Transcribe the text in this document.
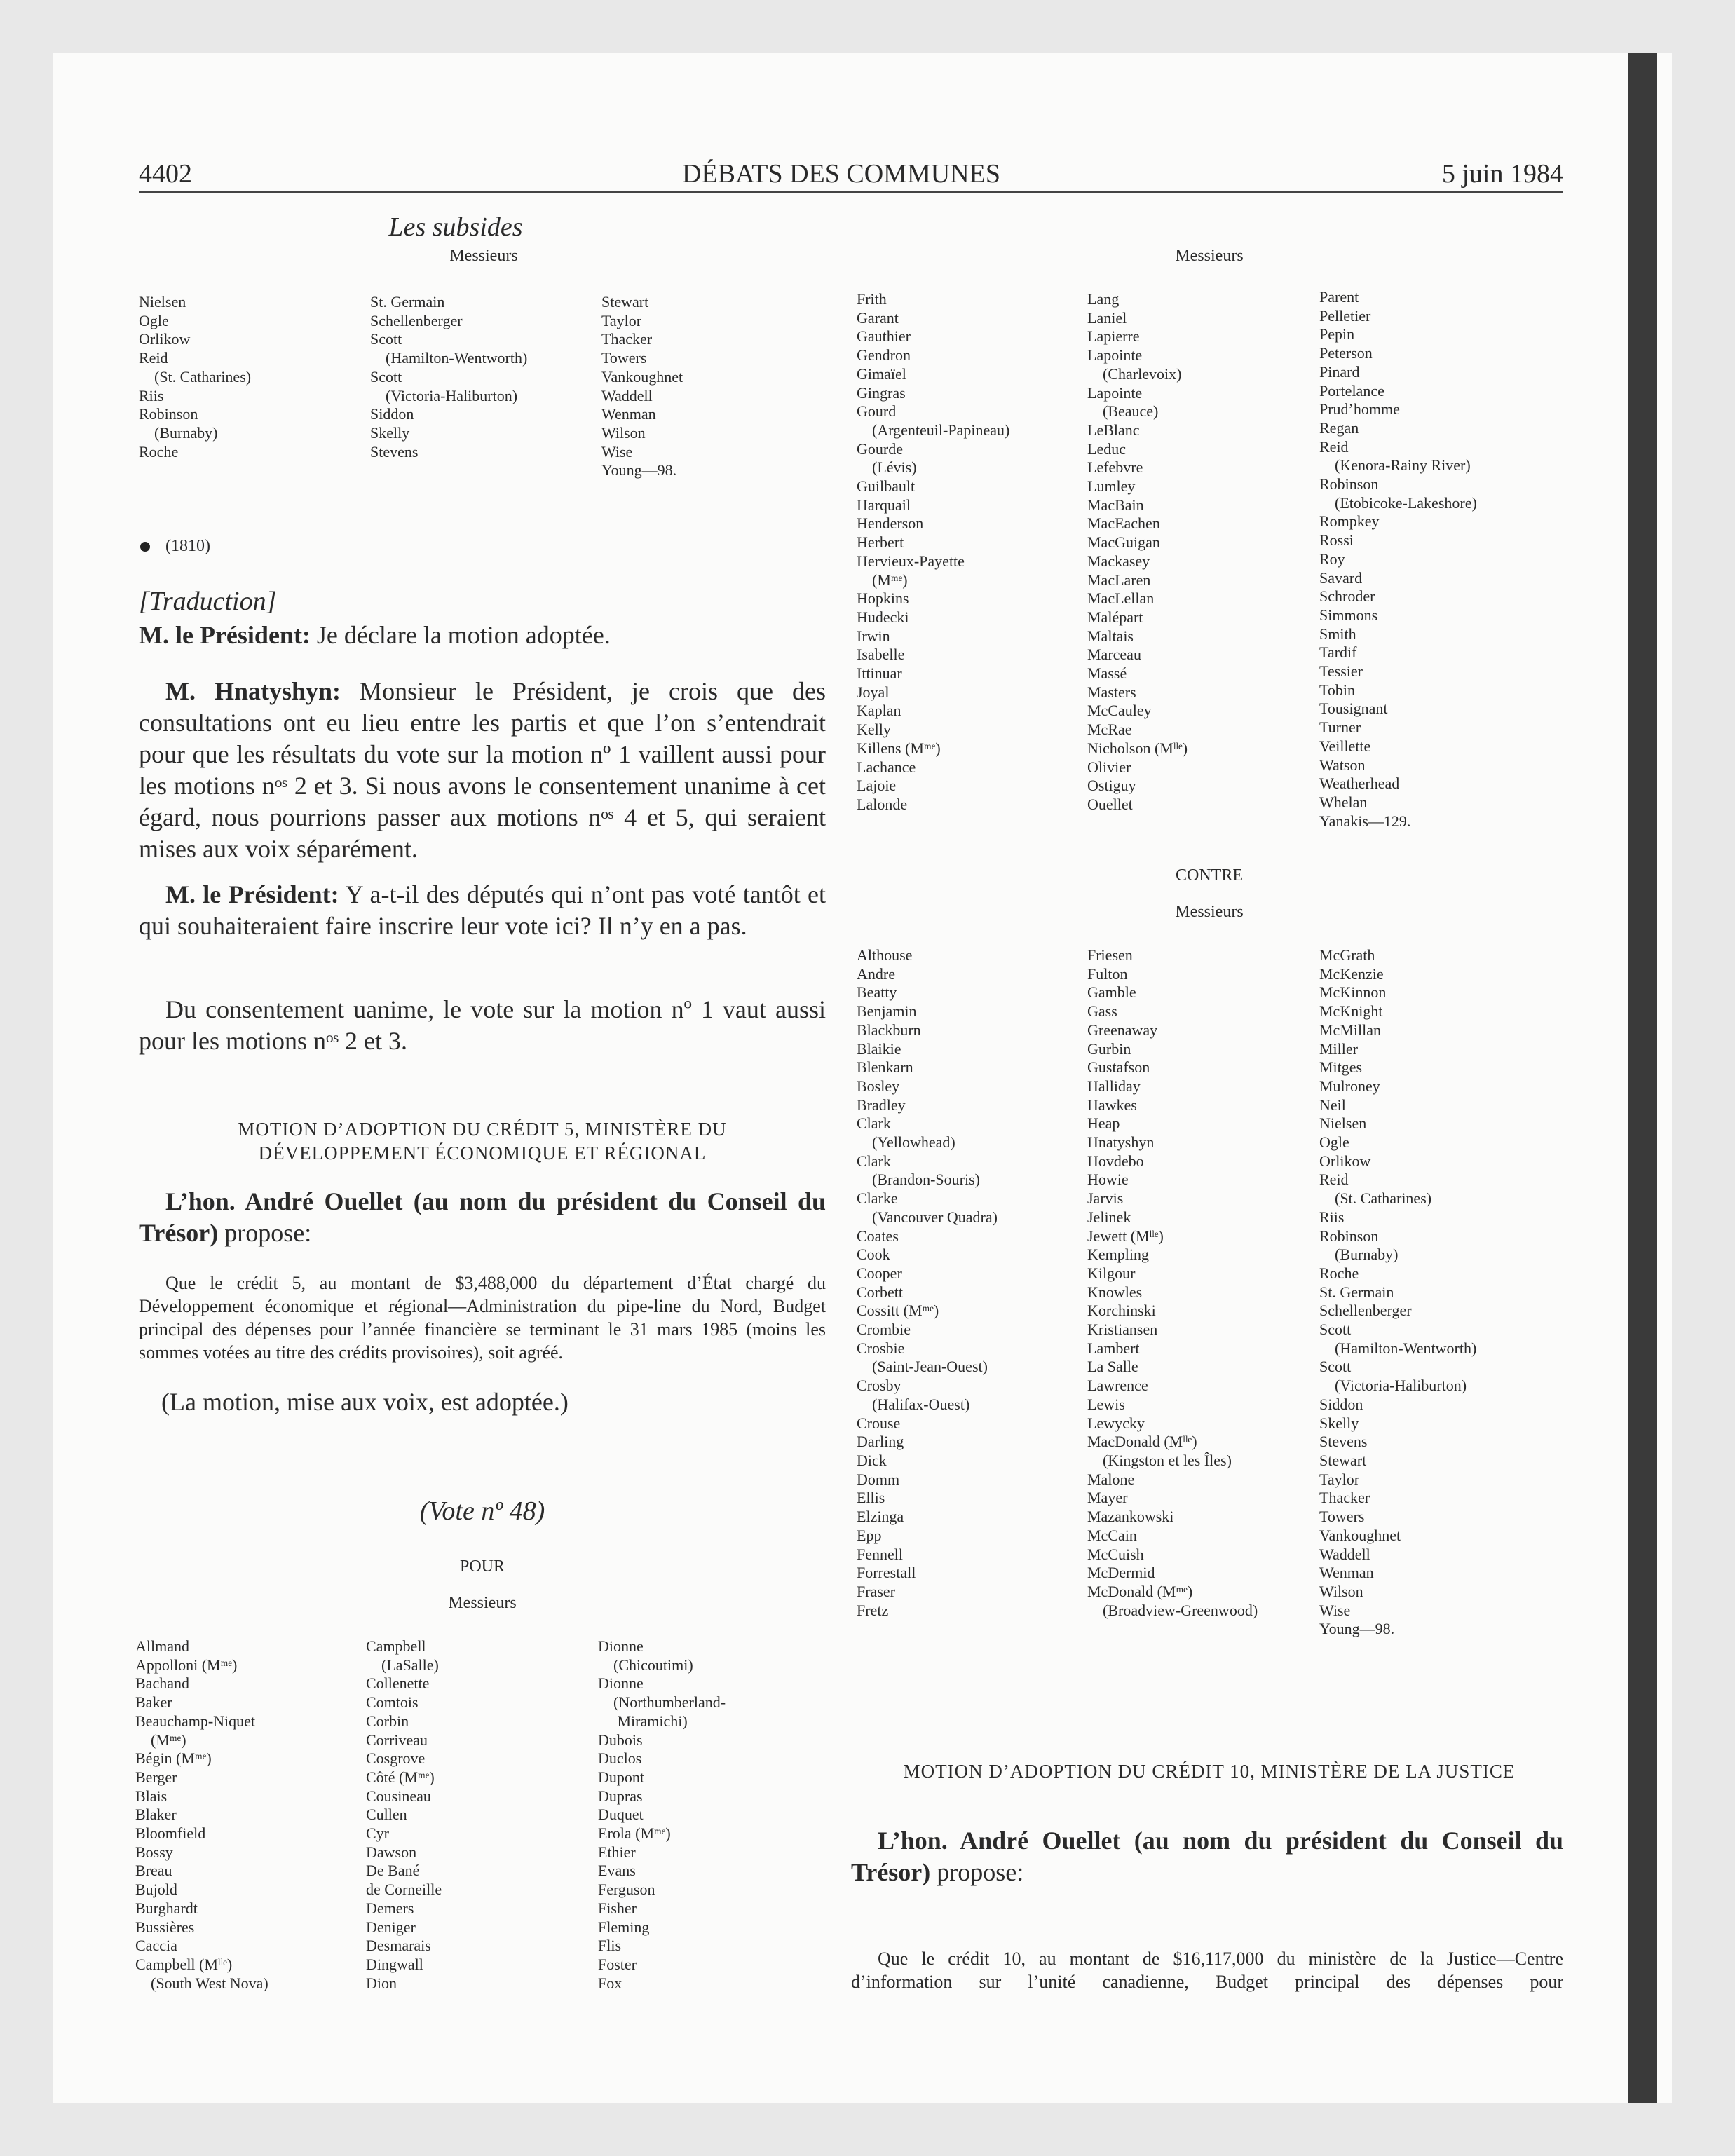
4402	DÉBATS DES COMMUNES	5 juin 1984
Les subsides
Messieurs
Nielsen
Ogle
Orlikow
Reid
(St. Catharines)
Riis
Robinson
(Burnaby)
Roche
St. Germain
Schellenberger
Scott
(Hamilton-Wentworth)
Scott
(Victoria-Haliburton)
Siddon
Skelly
Stevens
Stewart
Taylor
Thacker
Towers
Vankoughnet
Waddell
Wenman
Wilson
Wise
Young—98.
(1810)
[Traduction]
M. le Président: Je déclare la motion adoptée.
M. Hnatyshyn: Monsieur le Président, je crois que des consultations ont eu lieu entre les partis et que l’on s’entendrait pour que les résultats du vote sur la motion nº 1 vaillent aussi pour les motions nᵒˢ 2 et 3. Si nous avons le consentement unanime à cet égard, nous pourrions passer aux motions nᵒˢ 4 et 5, qui seraient mises aux voix séparément.
M. le Président: Y a-t-il des députés qui n’ont pas voté tantôt et qui souhaiteraient faire inscrire leur vote ici? Il n’y en a pas.
Du consentement uanime, le vote sur la motion nº 1 vaut aussi pour les motions nᵒˢ 2 et 3.
MOTION D’ADOPTION DU CRÉDIT 5, MINISTÈRE DU
DÉVELOPPEMENT ÉCONOMIQUE ET RÉGIONAL
L’hon. André Ouellet (au nom du président du Conseil du Trésor) propose:
Que le crédit 5, au montant de $3,488,000 du département d’État chargé du Développement économique et régional—Administration du pipe-line du Nord, Budget principal des dépenses pour l’année financière se terminant le 31 mars 1985 (moins les sommes votées au titre des crédits provisoires), soit agréé.
(La motion, mise aux voix, est adoptée.)
(Vote nº 48)
POUR
Messieurs
Allmand
Appolloni (Mᵐᵉ)
Bachand
Baker
Beauchamp-Niquet
(Mᵐᵉ)
Bégin (Mᵐᵉ)
Berger
Blais
Blaker
Bloomfield
Bossy
Breau
Bujold
Burghardt
Bussières
Caccia
Campbell (Mˡˡᵉ)
(South West Nova)
Campbell
(LaSalle)
Collenette
Comtois
Corbin
Corriveau
Cosgrove
Côté (Mᵐᵉ)
Cousineau
Cullen
Cyr
Dawson
De Bané
de Corneille
Demers
Deniger
Desmarais
Dingwall
Dion
Dionne
(Chicoutimi)
Dionne
(Northumberland-
Miramichi)
Dubois
Duclos
Dupont
Dupras
Duquet
Erola (Mᵐᵉ)
Ethier
Evans
Ferguson
Fisher
Fleming
Flis
Foster
Fox
Messieurs
Frith
Garant
Gauthier
Gendron
Gimaïel
Gingras
Gourd
(Argenteuil-Papineau)
Gourde
(Lévis)
Guilbault
Harquail
Henderson
Herbert
Hervieux-Payette
(Mᵐᵉ)
Hopkins
Hudecki
Irwin
Isabelle
Ittinuar
Joyal
Kaplan
Kelly
Killens (Mᵐᵉ)
Lachance
Lajoie
Lalonde
Lang
Laniel
Lapierre
Lapointe
(Charlevoix)
Lapointe
(Beauce)
LeBlanc
Leduc
Lefebvre
Lumley
MacBain
MacEachen
MacGuigan
Mackasey
MacLaren
MacLellan
Malépart
Maltais
Marceau
Massé
Masters
McCauley
McRae
Nicholson (Mˡˡᵉ)
Olivier
Ostiguy
Ouellet
Parent
Pelletier
Pepin
Peterson
Pinard
Portelance
Prud’homme
Regan
Reid
(Kenora-Rainy River)
Robinson
(Etobicoke-Lakeshore)
Rompkey
Rossi
Roy
Savard
Schroder
Simmons
Smith
Tardif
Tessier
Tobin
Tousignant
Turner
Veillette
Watson
Weatherhead
Whelan
Yanakis—129.
CONTRE
Messieurs
Althouse
Andre
Beatty
Benjamin
Blackburn
Blaikie
Blenkarn
Bosley
Bradley
Clark
(Yellowhead)
Clark
(Brandon-Souris)
Clarke
(Vancouver Quadra)
Coates
Cook
Cooper
Corbett
Cossitt (Mᵐᵉ)
Crombie
Crosbie
(Saint-Jean-Ouest)
Crosby
(Halifax-Ouest)
Crouse
Darling
Dick
Domm
Ellis
Elzinga
Epp
Fennell
Forrestall
Fraser
Fretz
Friesen
Fulton
Gamble
Gass
Greenaway
Gurbin
Gustafson
Halliday
Hawkes
Heap
Hnatyshyn
Hovdebo
Howie
Jarvis
Jelinek
Jewett (Mˡˡᵉ)
Kempling
Kilgour
Knowles
Korchinski
Kristiansen
Lambert
La Salle
Lawrence
Lewis
Lewycky
MacDonald (Mˡˡᵉ)
(Kingston et les Îles)
Malone
Mayer
Mazankowski
McCain
McCuish
McDermid
McDonald (Mᵐᵉ)
(Broadview-Greenwood)
McGrath
McKenzie
McKinnon
McKnight
McMillan
Miller
Mitges
Mulroney
Neil
Nielsen
Ogle
Orlikow
Reid
(St. Catharines)
Riis
Robinson
(Burnaby)
Roche
St. Germain
Schellenberger
Scott
(Hamilton-Wentworth)
Scott
(Victoria-Haliburton)
Siddon
Skelly
Stevens
Stewart
Taylor
Thacker
Towers
Vankoughnet
Waddell
Wenman
Wilson
Wise
Young—98.
MOTION D’ADOPTION DU CRÉDIT 10, MINISTÈRE DE LA JUSTICE
L’hon. André Ouellet (au nom du président du Conseil du Trésor) propose:
Que le crédit 10, au montant de $16,117,000 du ministère de la Justice—Centre d’information sur l’unité canadienne, Budget principal des dépenses pour
